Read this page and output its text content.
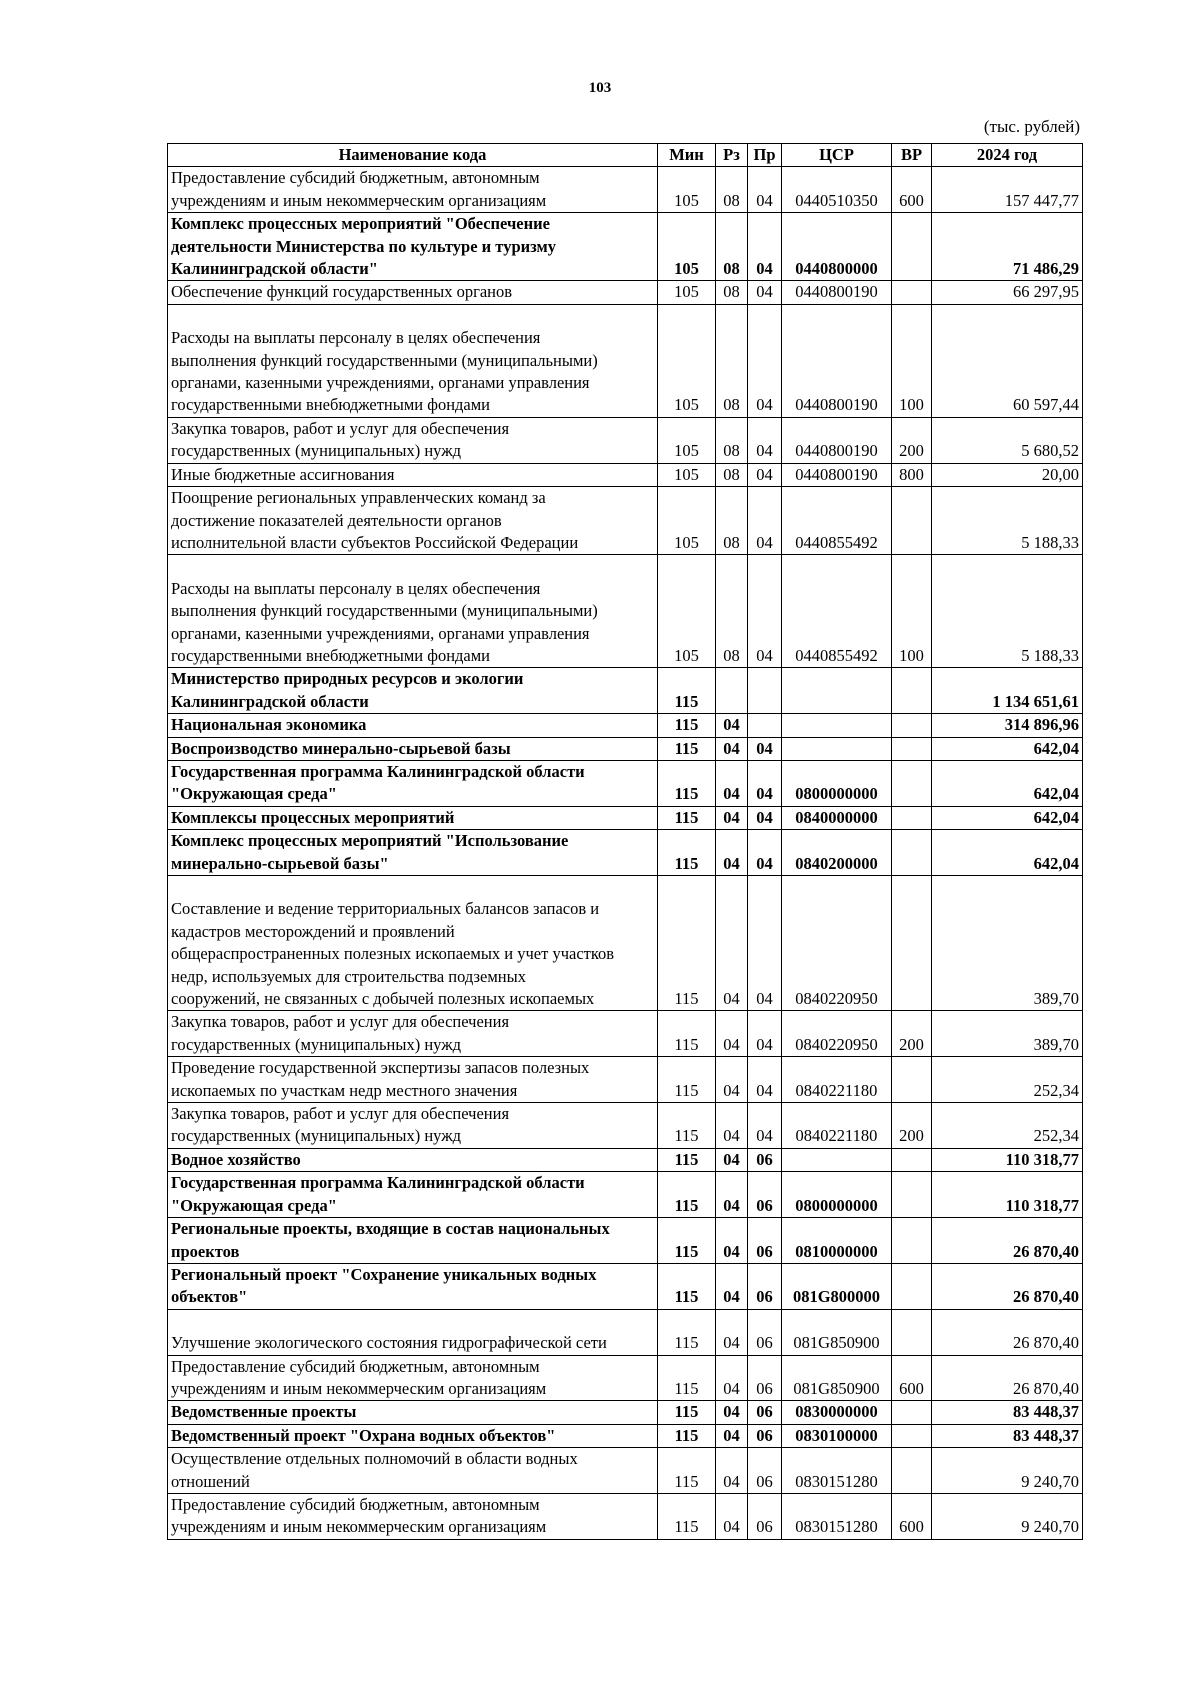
103
(тыс. рублей)
Наименование кода	Мин	Рз	Пр	ЦСР	ВР	2024 год
Предоставление субсидий бюджетным, автономным
учреждениям и иным некоммерческим организациям	105	08	04	0440510350	600	157 447,77
Комплекс процессных мероприятий "Обеспечение
деятельности Министерства по культуре и туризму
Калининградской области"	105	08	04	0440800000		71 486,29
Обеспечение функций государственных органов	105	08	04	0440800190		66 297,95

Расходы на выплаты персоналу в целях обеспечения
выполнения функций государственными (муниципальными)
органами, казенными учреждениями, органами управления
государственными внебюджетными фондами	105	08	04	0440800190	100	60 597,44
Закупка товаров, работ и услуг для обеспечения
государственных (муниципальных) нужд	105	08	04	0440800190	200	5 680,52
Иные бюджетные ассигнования	105	08	04	0440800190	800	20,00
Поощрение региональных управленческих команд за
достижение показателей деятельности органов
исполнительной власти субъектов Российской Федерации	105	08	04	0440855492		5 188,33

Расходы на выплаты персоналу в целях обеспечения
выполнения функций государственными (муниципальными)
органами, казенными учреждениями, органами управления
государственными внебюджетными фондами	105	08	04	0440855492	100	5 188,33
Министерство природных ресурсов и экологии
Калининградской области	115					1 134 651,61
Национальная экономика	115	04				314 896,96
Воспроизводство минерально-сырьевой базы	115	04	04			642,04
Государственная программа Калининградской области
"Окружающая среда"	115	04	04	0800000000		642,04
Комплексы процессных мероприятий	115	04	04	0840000000		642,04
Комплекс процессных мероприятий "Использование
минерально-сырьевой базы"	115	04	04	0840200000		642,04

Составление и ведение территориальных балансов запасов и
кадастров месторождений и проявлений
общераспространенных полезных ископаемых и учет участков
недр, используемых для строительства подземных
сооружений, не связанных с добычей полезных ископаемых	115	04	04	0840220950		389,70
Закупка товаров, работ и услуг для обеспечения
государственных (муниципальных) нужд	115	04	04	0840220950	200	389,70
Проведение государственной экспертизы запасов полезных
ископаемых по участкам недр местного значения	115	04	04	0840221180		252,34
Закупка товаров, работ и услуг для обеспечения
государственных (муниципальных) нужд	115	04	04	0840221180	200	252,34
Водное хозяйство	115	04	06			110 318,77
Государственная программа Калининградской области
"Окружающая среда"	115	04	06	0800000000		110 318,77
Региональные проекты, входящие в состав национальных
проектов	115	04	06	0810000000		26 870,40
Региональный проект "Сохранение уникальных водных
объектов"	115	04	06	081G800000		26 870,40

Улучшение экологического состояния гидрографической сети	115	04	06	081G850900		26 870,40
Предоставление субсидий бюджетным, автономным
учреждениям и иным некоммерческим организациям	115	04	06	081G850900	600	26 870,40
Ведомственные проекты	115	04	06	0830000000		83 448,37
Ведомственный проект "Охрана водных объектов"	115	04	06	0830100000		83 448,37
Осуществление отдельных полномочий в области водных
отношений	115	04	06	0830151280		9 240,70
Предоставление субсидий бюджетным, автономным
учреждениям и иным некоммерческим организациям	115	04	06	0830151280	600	9 240,70
